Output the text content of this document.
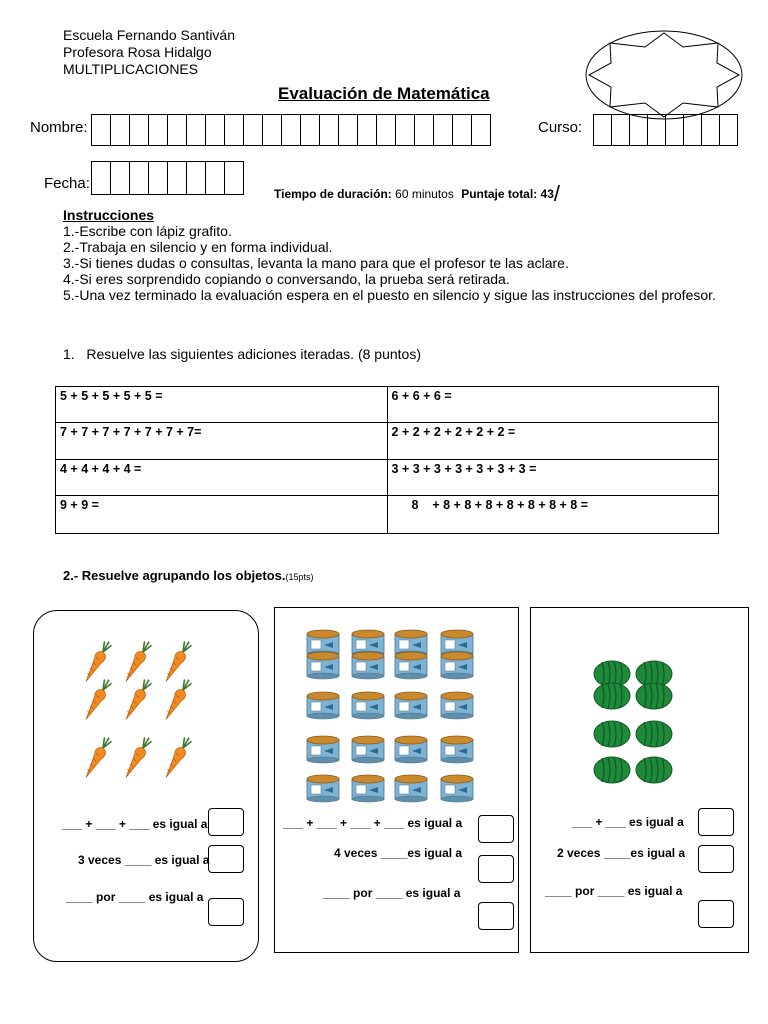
Escuela Fernando Santiván
Profesora Rosa Hidalgo
MULTIPLICACIONES
Evaluación de Matemática
Nombre:	Curso:
Fecha:
Tiempo de duración: 60 minutos Puntaje total: 43/
Instrucciones
1.-Escribe con lápiz grafito.
2.-Trabaja en silencio y en forma individual.
3.-Si tienes dudas o consultas, levanta la mano para que el profesor te las aclare.
4.-Si eres sorprendido copiando o conversando, la prueba será retirada.
5.-Una vez terminado la evaluación espera en el puesto en silencio y sigue las instrucciones del profesor.
1. Resuelve las siguientes adiciones iteradas. (8 puntos)
5 + 5 + 5 + 5 + 5 =	6 + 6 + 6 =
7 + 7 + 7 + 7 + 7 + 7 + 7=	2 + 2 + 2 + 2 + 2 + 2 =
4 + 4 + 4 + 4 =	3 + 3 + 3 + 3 + 3 + 3 + 3 =
9 + 9 =	8    + 8 + 8 + 8 + 8 + 8 + 8 + 8 =
2.- Resuelve agrupando los objetos.(15pts)
___ + ___ + ___ es igual a
3 veces ____ es igual a
____ por ____ es igual a
___ + ___ + ___ + ___ es igual a
4 veces ____es igual a
____ por ____ es igual a
___ + ___ es igual a
2 veces ____es igual a
____ por ____ es igual a
